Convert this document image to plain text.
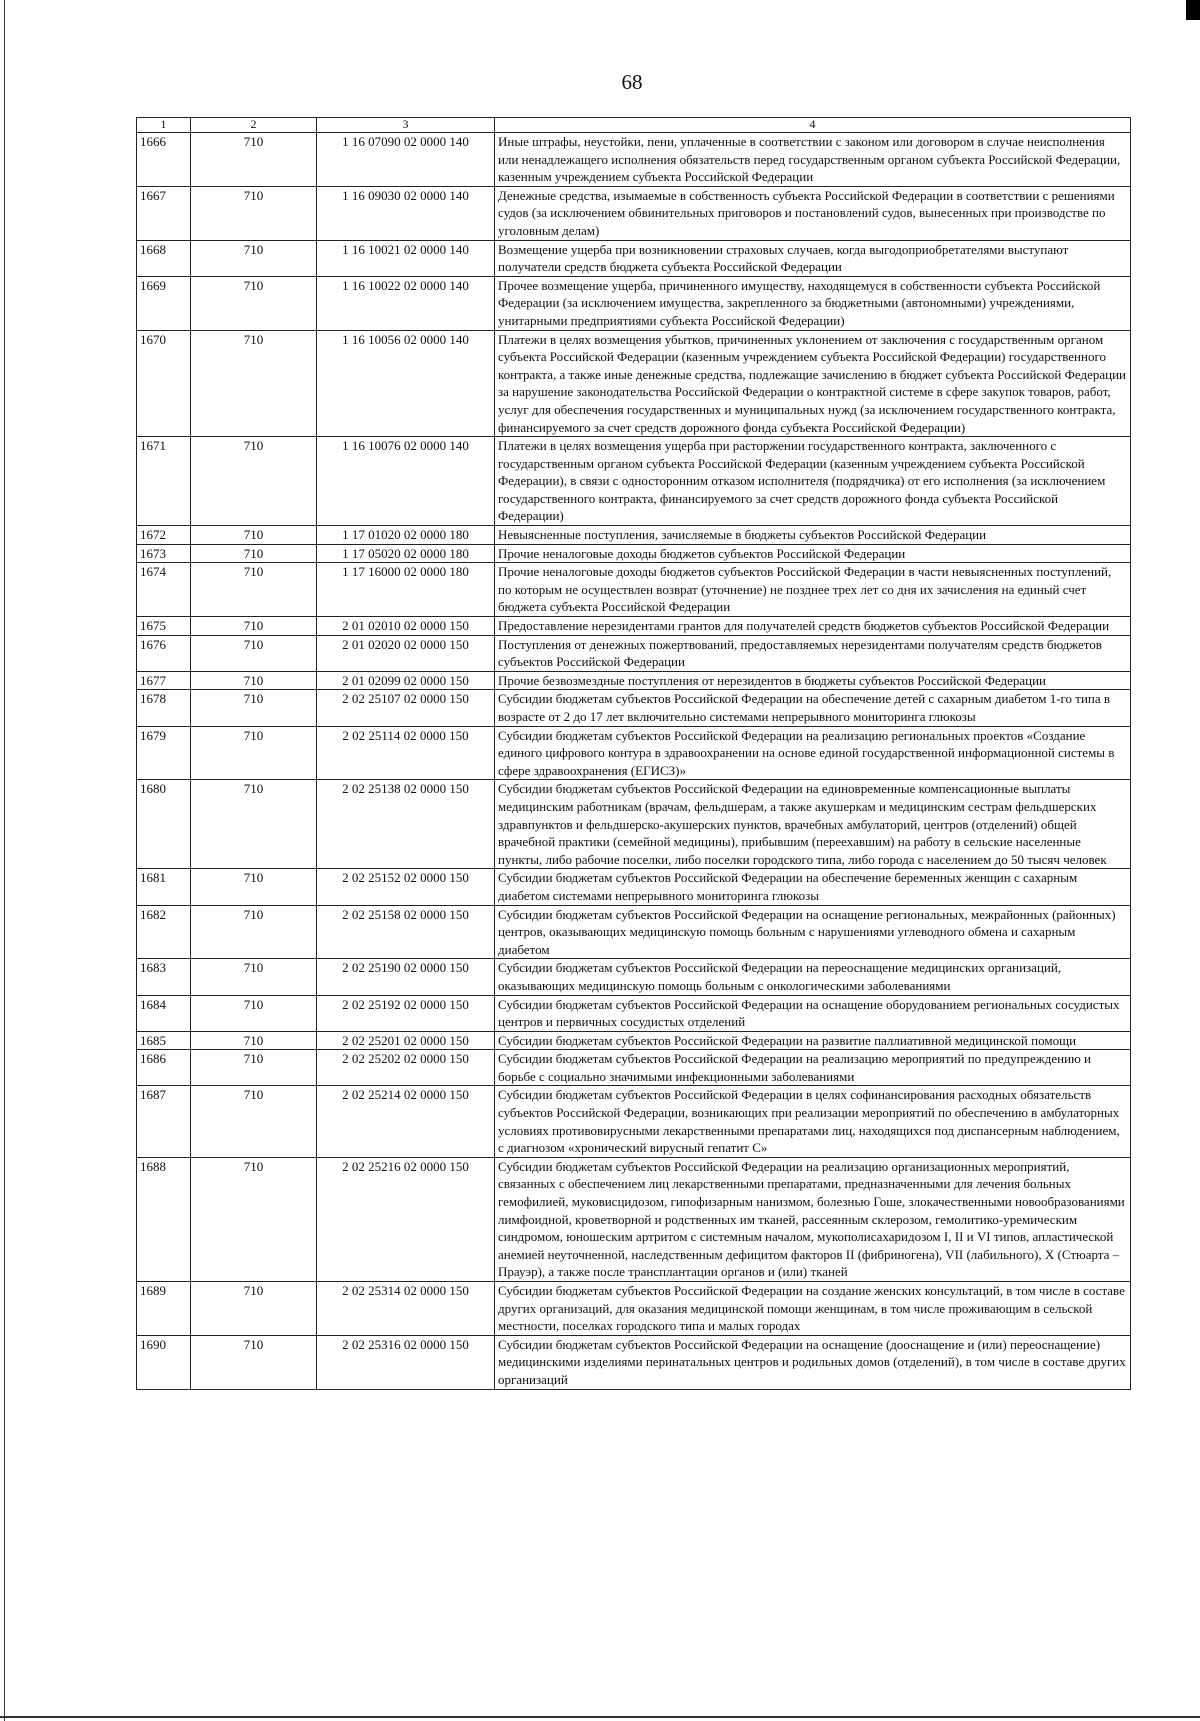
68
1	2	3	4
1666	710	1 16 07090 02 0000 140	Иные штрафы, неустойки, пени, уплаченные в соответствии с законом или договором в случае неисполнения или ненадлежащего исполнения обязательств перед государственным органом субъекта Российской Федерации, казенным учреждением субъекта Российской Федерации
1667	710	1 16 09030 02 0000 140	Денежные средства, изымаемые в собственность субъекта Российской Федерации в соответствии с решениями судов (за исключением обвинительных приговоров и постановлений судов, вынесенных при производстве по уголовным делам)
1668	710	1 16 10021 02 0000 140	Возмещение ущерба при возникновении страховых случаев, когда выгодоприобретателями выступают получатели средств бюджета субъекта Российской Федерации
1669	710	1 16 10022 02 0000 140	Прочее возмещение ущерба, причиненного имуществу, находящемуся в собственности субъекта Российской Федерации (за исключением имущества, закрепленного за бюджетными (автономными) учреждениями, унитарными предприятиями субъекта Российской Федерации)
1670	710	1 16 10056 02 0000 140	Платежи в целях возмещения убытков, причиненных уклонением от заключения с государственным органом субъекта Российской Федерации (казенным учреждением субъекта Российской Федерации) государственного контракта, а также иные денежные средства, подлежащие зачислению в бюджет субъекта Российской Федерации за нарушение законодательства Российской Федерации о контрактной системе в сфере закупок товаров, работ, услуг для обеспечения государственных и муниципальных нужд (за исключением государственного контракта, финансируемого за счет средств дорожного фонда субъекта Российской Федерации)
1671	710	1 16 10076 02 0000 140	Платежи в целях возмещения ущерба при расторжении государственного контракта, заключенного с государственным органом субъекта Российской Федерации (казенным учреждением субъекта Российской Федерации), в связи с односторонним отказом исполнителя (подрядчика) от его исполнения (за исключением государственного контракта, финансируемого за счет средств дорожного фонда субъекта Российской Федерации)
1672	710	1 17 01020 02 0000 180	Невыясненные поступления, зачисляемые в бюджеты субъектов Российской Федерации
1673	710	1 17 05020 02 0000 180	Прочие неналоговые доходы бюджетов субъектов Российской Федерации
1674	710	1 17 16000 02 0000 180	Прочие неналоговые доходы бюджетов субъектов Российской Федерации в части невыясненных поступлений, по которым не осуществлен возврат (уточнение) не позднее трех лет со дня их зачисления на единый счет бюджета субъекта Российской Федерации
1675	710	2 01 02010 02 0000 150	Предоставление нерезидентами грантов для получателей средств бюджетов субъектов Российской Федерации
1676	710	2 01 02020 02 0000 150	Поступления от денежных пожертвований, предоставляемых нерезидентами получателям средств бюджетов субъектов Российской Федерации
1677	710	2 01 02099 02 0000 150	Прочие безвозмездные поступления от нерезидентов в бюджеты субъектов Российской Федерации
1678	710	2 02 25107 02 0000 150	Субсидии бюджетам субъектов Российской Федерации на обеспечение детей с сахарным диабетом 1-го типа в возрасте от 2 до 17 лет включительно системами непрерывного мониторинга глюкозы
1679	710	2 02 25114 02 0000 150	Субсидии бюджетам субъектов Российской Федерации на реализацию региональных проектов «Создание единого цифрового контура в здравоохранении на основе единой государственной информационной системы в сфере здравоохранения (ЕГИСЗ)»
1680	710	2 02 25138 02 0000 150	Субсидии бюджетам субъектов Российской Федерации на единовременные компенсационные выплаты медицинским работникам (врачам, фельдшерам, а также акушеркам и медицинским сестрам фельдшерских здравпунктов и фельдшерско-акушерских пунктов, врачебных амбулаторий, центров (отделений) общей врачебной практики (семейной медицины), прибывшим (переехавшим) на работу в сельские населенные пункты, либо рабочие поселки, либо поселки городского типа, либо города с населением до 50 тысяч человек
1681	710	2 02 25152 02 0000 150	Субсидии бюджетам субъектов Российской Федерации на обеспечение беременных женщин с сахарным диабетом системами непрерывного мониторинга глюкозы
1682	710	2 02 25158 02 0000 150	Субсидии бюджетам субъектов Российской Федерации на оснащение региональных, межрайонных (районных) центров, оказывающих медицинскую помощь больным с нарушениями углеводного обмена и сахарным диабетом
1683	710	2 02 25190 02 0000 150	Субсидии бюджетам субъектов Российской Федерации на переоснащение медицинских организаций, оказывающих медицинскую помощь больным с онкологическими заболеваниями
1684	710	2 02 25192 02 0000 150	Субсидии бюджетам субъектов Российской Федерации на оснащение оборудованием региональных сосудистых центров и первичных сосудистых отделений
1685	710	2 02 25201 02 0000 150	Субсидии бюджетам субъектов Российской Федерации на развитие паллиативной медицинской помощи
1686	710	2 02 25202 02 0000 150	Субсидии бюджетам субъектов Российской Федерации на реализацию мероприятий по предупреждению и борьбе с социально значимыми инфекционными заболеваниями
1687	710	2 02 25214 02 0000 150	Субсидии бюджетам субъектов Российской Федерации в целях софинансирования расходных обязательств субъектов Российской Федерации, возникающих при реализации мероприятий по обеспечению в амбулаторных условиях противовирусными лекарственными препаратами лиц, находящихся под диспансерным наблюдением, с диагнозом «хронический вирусный гепатит С»
1688	710	2 02 25216 02 0000 150	Субсидии бюджетам субъектов Российской Федерации на реализацию организационных мероприятий, связанных с обеспечением лиц лекарственными препаратами, предназначенными для лечения больных гемофилией, муковисцидозом, гипофизарным нанизмом, болезнью Гоше, злокачественными новообразованиями лимфоидной, кроветворной и родственных им тканей, рассеянным склерозом, гемолитико-уремическим синдромом, юношеским артритом с системным началом, мукополисахаридозом I, II и VI типов, апластической анемией неуточненной, наследственным дефицитом факторов II (фибриногена), VII (лабильного), X (Стюарта – Прауэр), а также после трансплантации органов и (или) тканей
1689	710	2 02 25314 02 0000 150	Субсидии бюджетам субъектов Российской Федерации на создание женских консультаций, в том числе в составе других организаций, для оказания медицинской помощи женщинам, в том числе проживающим в сельской местности, поселках городского типа и малых городах
1690	710	2 02 25316 02 0000 150	Субсидии бюджетам субъектов Российской Федерации на оснащение (дооснащение и (или) переоснащение) медицинскими изделиями перинатальных центров и родильных домов (отделений), в том числе в составе других организаций
